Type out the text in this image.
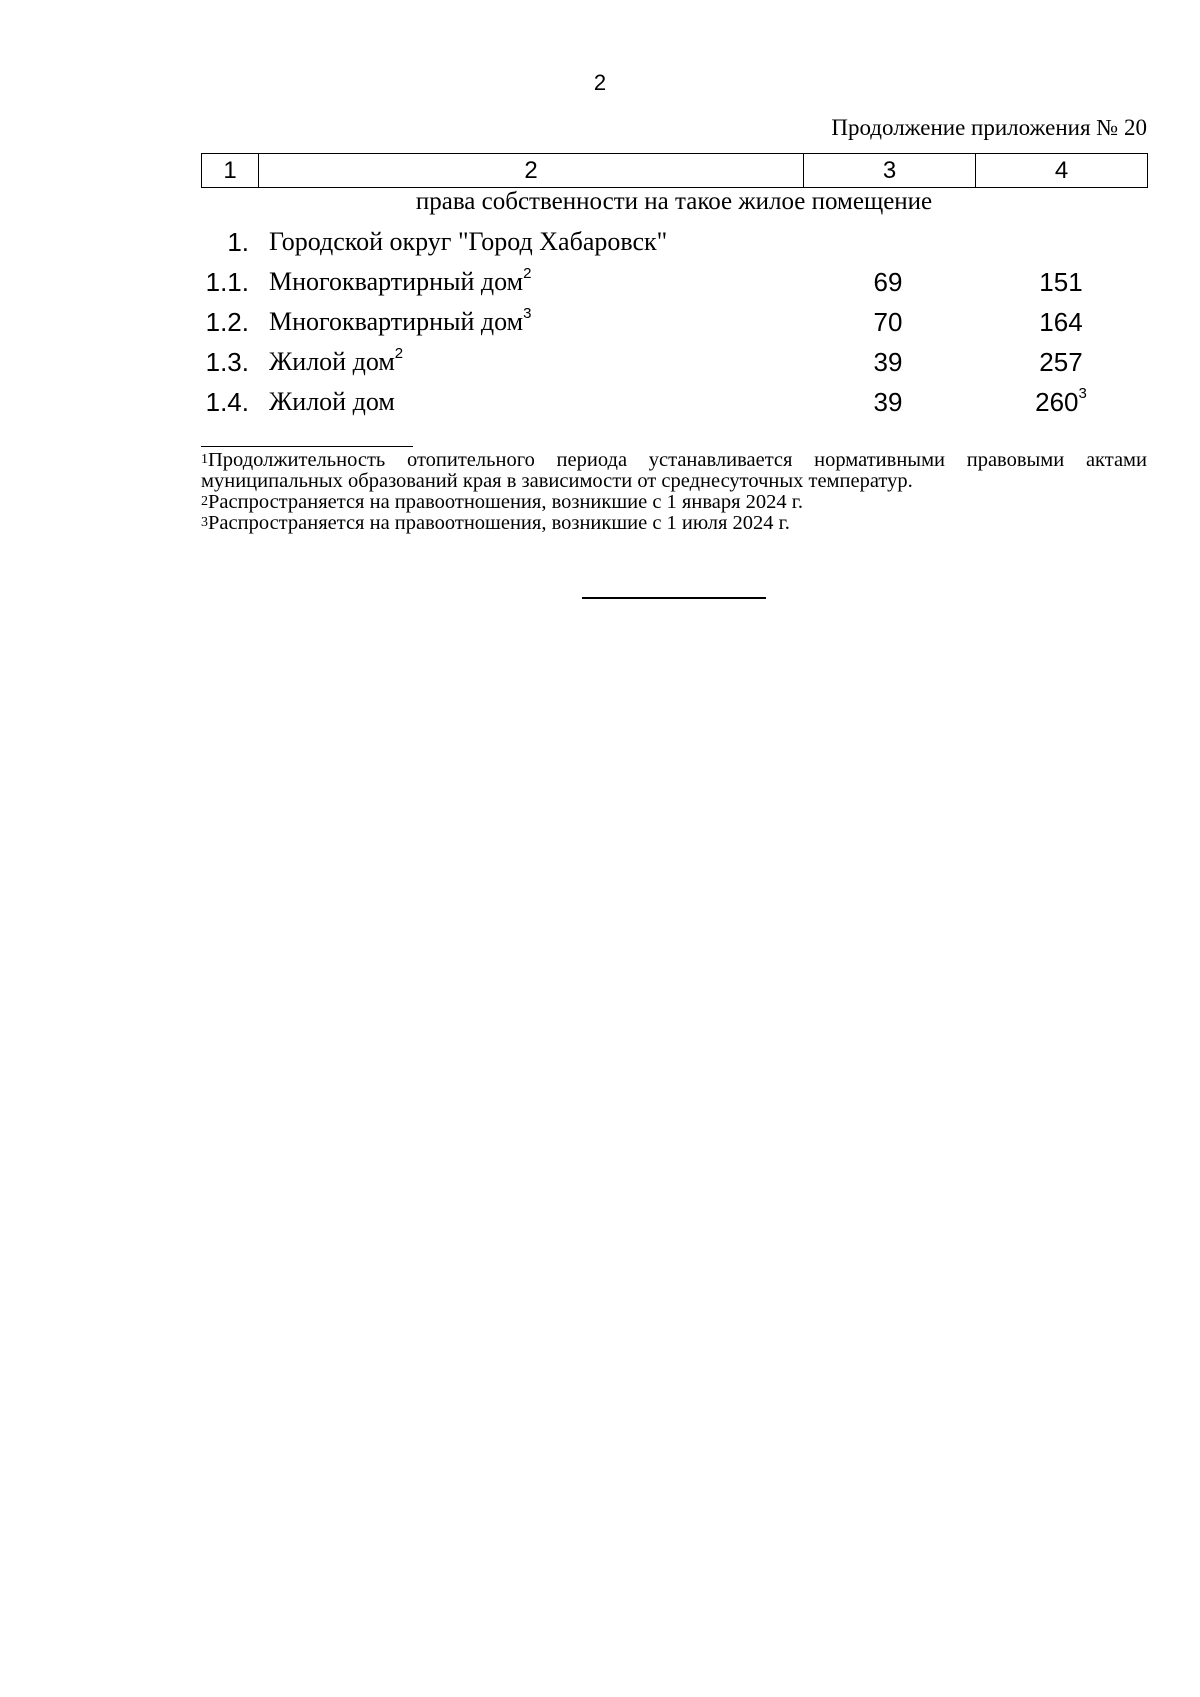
2
Продолжение приложения № 20
1	2	3	4
права собственности на такое жилое помещение
1. Городской округ "Город Хабаровск"
1.1. Многоквартирный дом$^2$	69	151
1.2. Многоквартирный дом$^3$	70	164
1.3. Жилой дом$^2$	39	257
1.4. Жилой дом	39	$260^3$

$^1$Продолжительность отопительного периода устанавливается нормативными правовыми актами муниципальных образований края в зависимости от среднесуточных температур.

$^2$Распространяется на правоотношения, возникшие с 1 января 2024 г.

$^3$Распространяется на правоотношения, возникшие с 1 июля 2024 г.
